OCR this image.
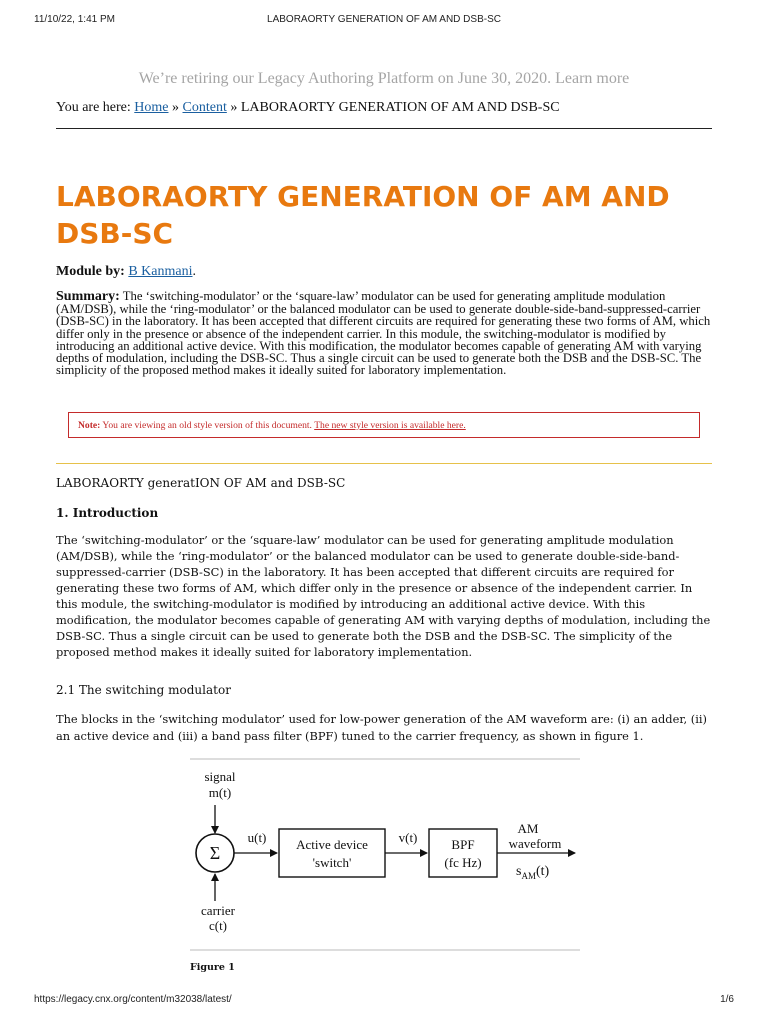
11/10/22, 1:41 PM	LABORAORTY GENERATION OF AM AND DSB-SC
We’re retiring our Legacy Authoring Platform on June 30, 2020. Learn more
You are here: Home » Content » LABORAORTY GENERATION OF AM AND DSB-SC
LABORAORTY GENERATION OF AM AND DSB-SC
Module by: B Kanmani.
Summary: The ‘switching-modulator’ or the ‘square-law’ modulator can be used for generating amplitude modulation (AM/DSB), while the ‘ring-modulator’ or the balanced modulator can be used to generate double-side-band-suppressed-carrier (DSB-SC) in the laboratory. It has been accepted that different circuits are required for generating these two forms of AM, which differ only in the presence or absence of the independent carrier. In this module, the switching-modulator is modified by introducing an additional active device. With this modification, the modulator becomes capable of generating AM with varying depths of modulation, including the DSB-SC. Thus a single circuit can be used to generate both the DSB and the DSB-SC. The simplicity of the proposed method makes it ideally suited for laboratory implementation.
Note: You are viewing an old style version of this document. The new style version is available here.
LABORAORTY generatION OF AM and DSB-SC
1. Introduction

The ‘switching-modulator’ or the ‘square-law’ modulator can be used for generating amplitude modulation (AM/DSB), while the ‘ring-modulator’ or the balanced modulator can be used to generate double-side-band-suppressed-carrier (DSB-SC) in the laboratory. It has been accepted that different circuits are required for generating these two forms of AM, which differ only in the presence or absence of the independent carrier. In this module, the switching-modulator is modified by introducing an additional active device. With this modification, the modulator becomes capable of generating AM with varying depths of modulation, including the DSB-SC. Thus a single circuit can be used to generate both the DSB and the DSB-SC. The simplicity of the proposed method makes it ideally suited for laboratory implementation.

2.1 The switching modulator

The blocks in the ‘switching modulator’ used for low-power generation of the AM waveform are: (i) an adder, (ii) an active device and (iii) a band pass filter (BPF) tuned to the carrier frequency, as shown in figure 1.

signal
m(t)
Σ
carrier
c(t)
u(t) Active device
'switch'
v(t)	BPF
(fc Hz)
AM
waveform
$s_{AM}(t)$
Figure 1
https://legacy.cnx.org/content/m32038/latest/	1/6
